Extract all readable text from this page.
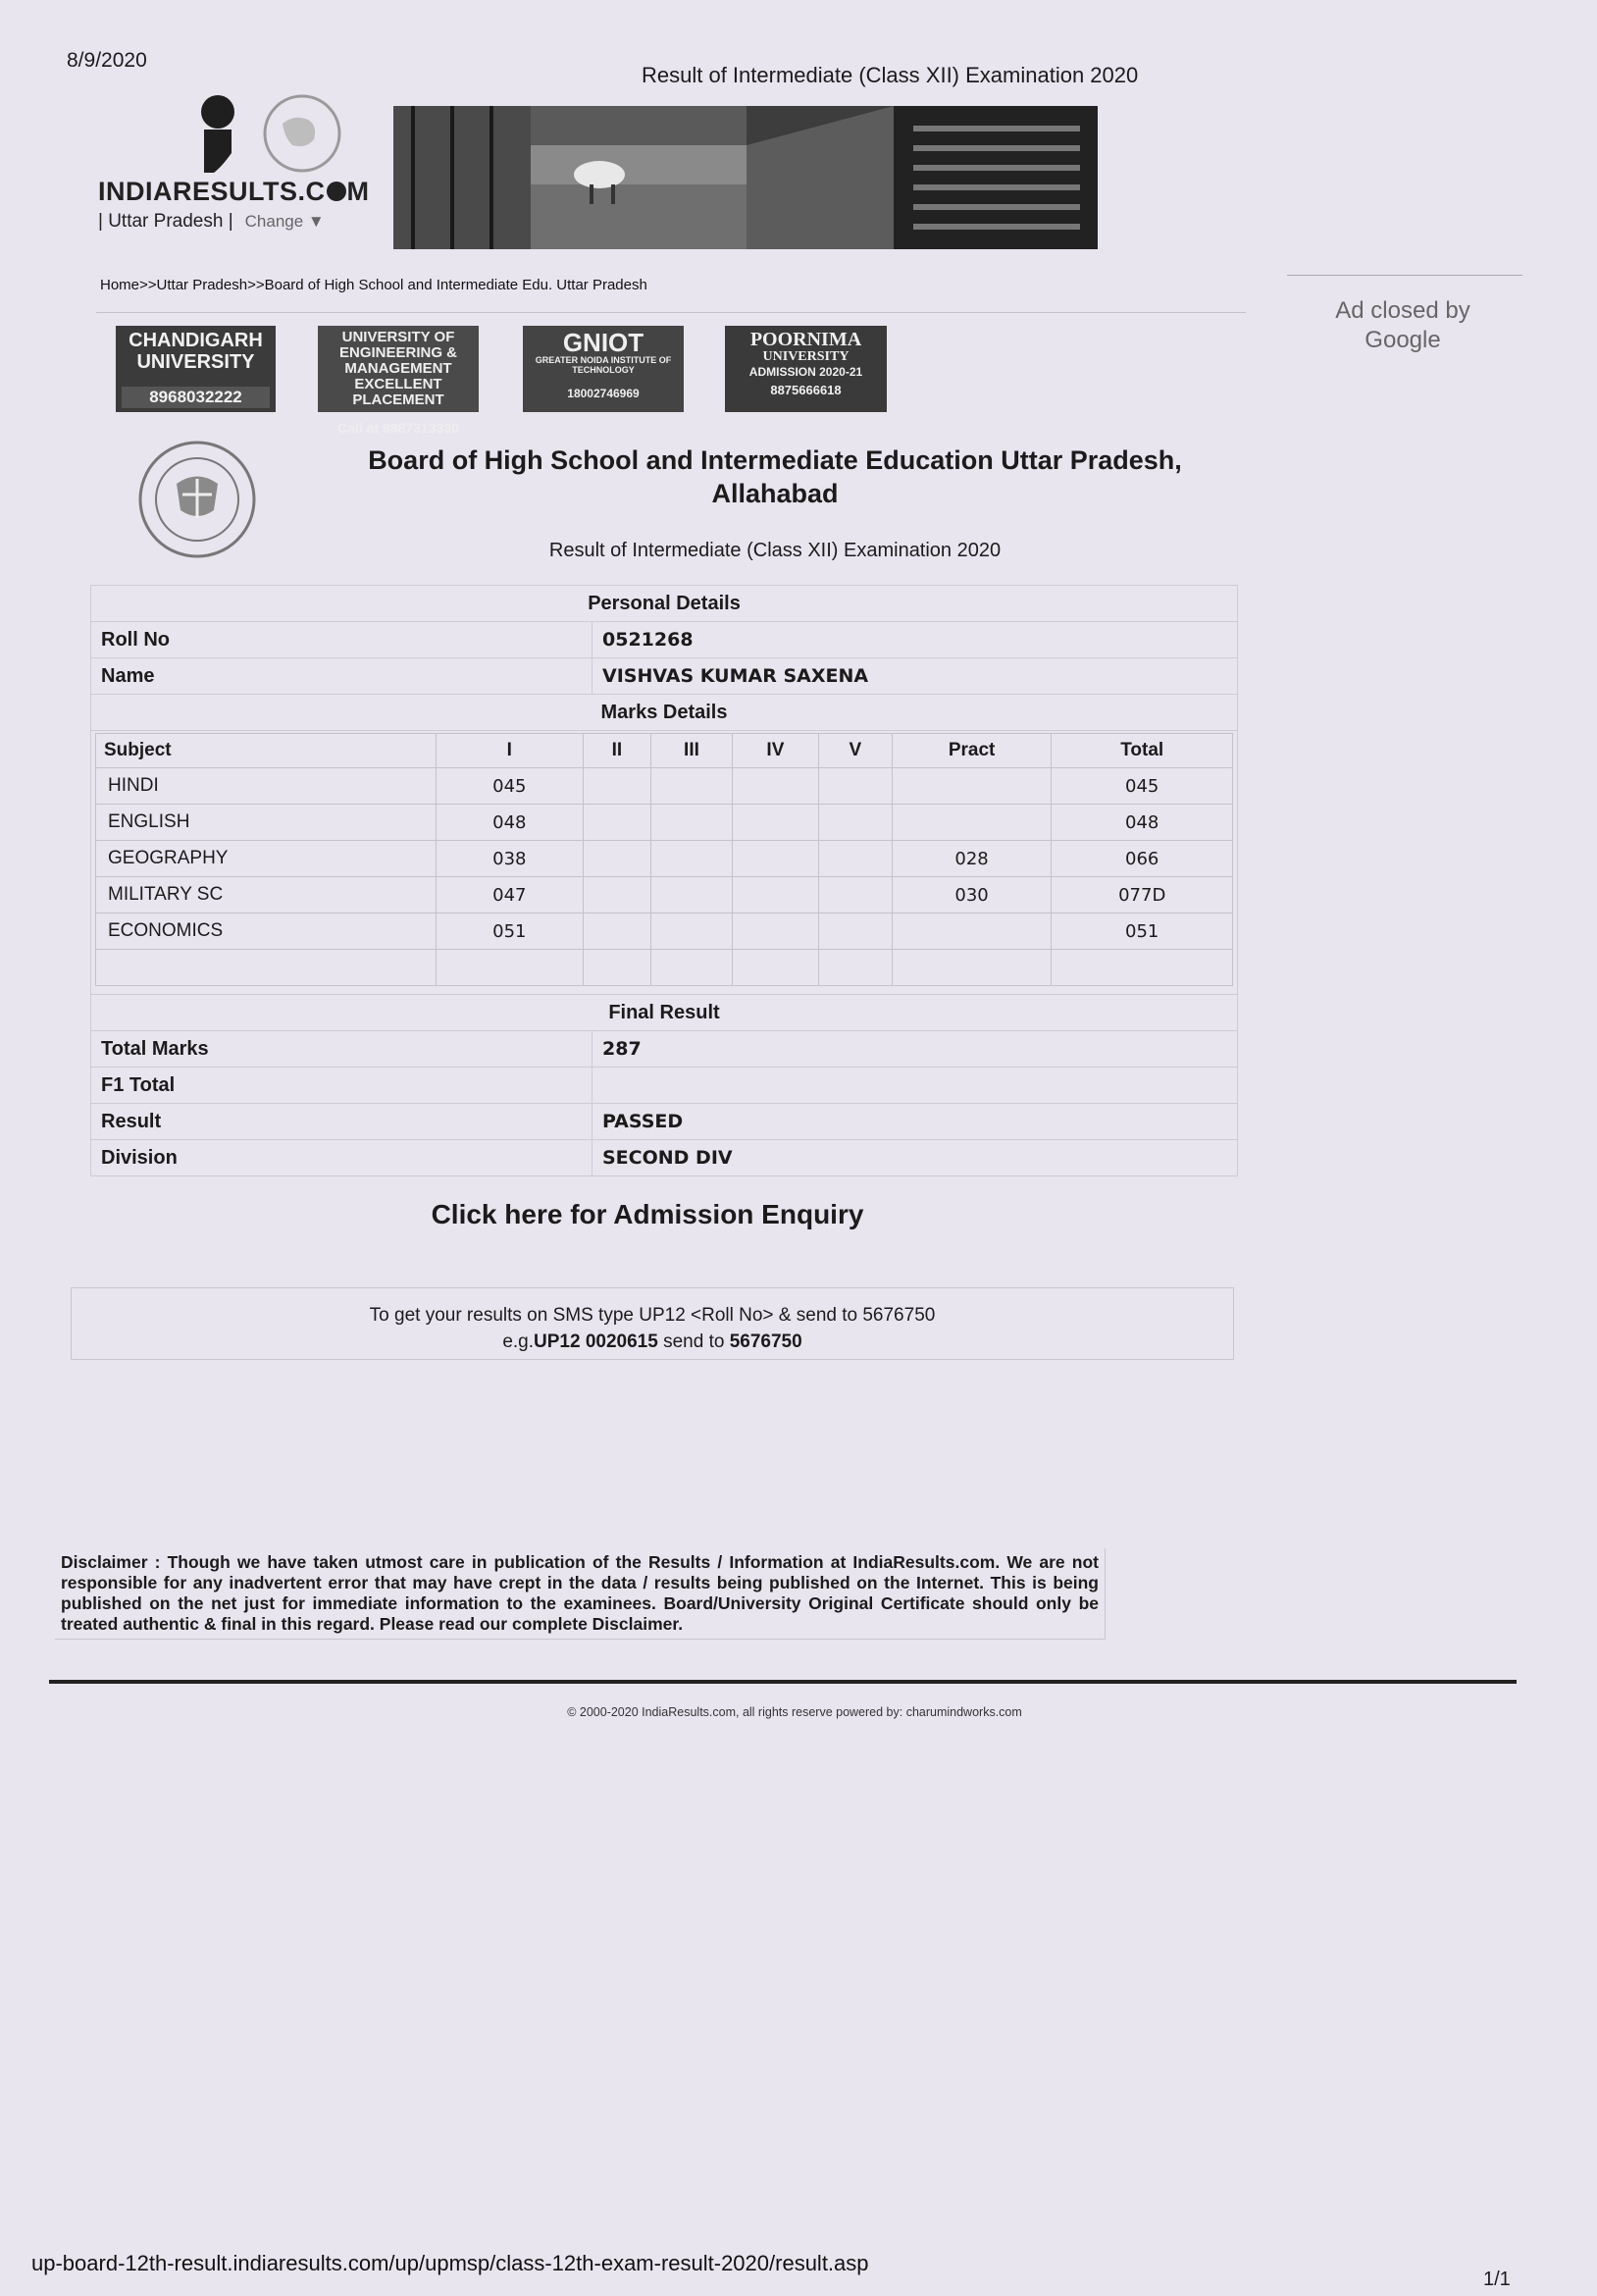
8/9/2020
Result of Intermediate (Class XII) Examination 2020
INDIARESULTS.C M
| Uttar Pradesh | Change ▼
Home>>Uttar Pradesh>>Board of High School and Intermediate Edu. Uttar Pradesh
Ad closed by
Google
CHANDIGARH
UNIVERSITY
8968032222
UNIVERSITY OF
ENGINEERING & MANAGEMENT
EXCELLENT PLACEMENT
Call at 9887313330
GNIOT
GREATER NOIDA INSTITUTE OF TECHNOLOGY
18002746969
POORNIMA
UNIVERSITY
ADMISSION 2020-21
8875666618
Board of High School and Intermediate Education Uttar Pradesh, Allahabad
Result of Intermediate (Class XII) Examination 2020
Personal Details
Roll No	0521268
Name	VISHVAS KUMAR SAXENA
Marks Details

Subject	I	II	III	IV	V	Pract	Total
HINDI	045						045
ENGLISH	048						048
GEOGRAPHY	038					028	066
MILITARY SC	047					030	077D
ECONOMICS	051						051

Final Result
Total Marks	287
F1 Total	
Result	PASSED
Division	SECOND DIV
Click here for Admission Enquiry
To get your results on SMS type UP12 <Roll No> & send to 5676750
e.g.UP12 0020615 send to 5676750
Disclaimer : Though we have taken utmost care in publication of the Results / Information at IndiaResults.com. We are not responsible for any inadvertent error that may have crept in the data / results being published on the Internet. This is being published on the net just for immediate information to the examinees. Board/University Original Certificate should only be treated authentic & final in this regard. Please read our complete Disclaimer.
© 2000-2020 IndiaResults.com, all rights reserve powered by: charumindworks.com
up-board-12th-result.indiaresults.com/up/upmsp/class-12th-exam-result-2020/result.asp
1/1
